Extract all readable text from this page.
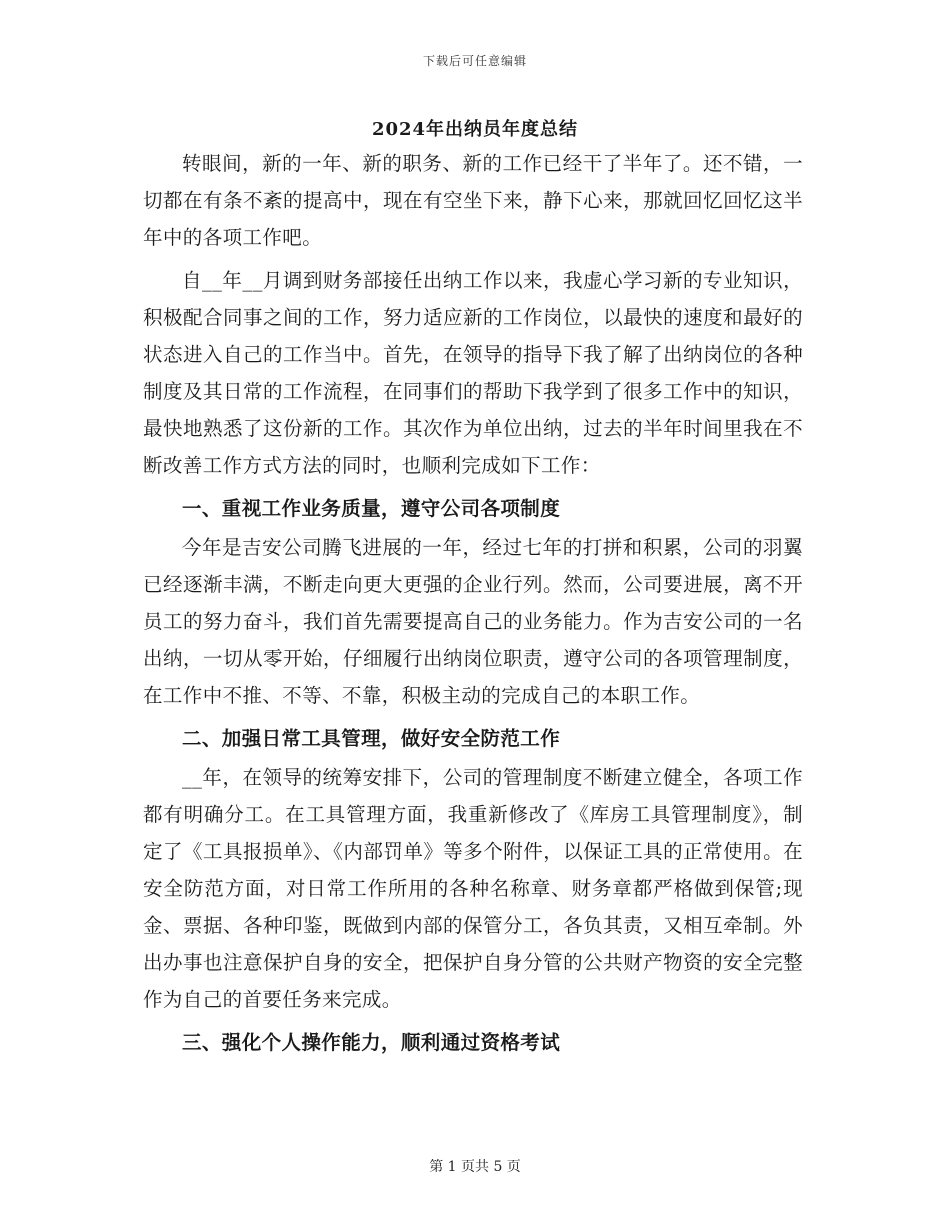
下载后可任意编辑
2024年出纳员年度总结

转眼间，新的一年、新的职务、新的工作已经干了半年了。还不错，一切都在有条不紊的提高中，现在有空坐下来，静下心来，那就回忆回忆这半年中的各项工作吧。

自__年__月调到财务部接任出纳工作以来，我虚心学习新的专业知识，积极配合同事之间的工作，努力适应新的工作岗位，以最快的速度和最好的状态进入自己的工作当中。首先，在领导的指导下我了解了出纳岗位的各种制度及其日常的工作流程，在同事们的帮助下我学到了很多工作中的知识，最快地熟悉了这份新的工作。其次作为单位出纳，过去的半年时间里我在不断改善工作方式方法的同时，也顺利完成如下工作：

一、重视工作业务质量，遵守公司各项制度

今年是吉安公司腾飞进展的一年，经过七年的打拼和积累，公司的羽翼已经逐渐丰满，不断走向更大更强的企业行列。然而，公司要进展，离不开员工的努力奋斗，我们首先需要提高自己的业务能力。作为吉安公司的一名出纳，一切从零开始，仔细履行出纳岗位职责，遵守公司的各项管理制度，在工作中不推、不等、不靠，积极主动的完成自己的本职工作。

二、加强日常工具管理，做好安全防范工作

__年，在领导的统筹安排下，公司的管理制度不断建立健全，各项工作都有明确分工。在工具管理方面，我重新修改了《库房工具管理制度》，制定了《工具报损单》、《内部罚单》等多个附件，以保证工具的正常使用。在安全防范方面，对日常工作所用的各种名称章、财务章都严格做到保管;现金、票据、各种印鉴，既做到内部的保管分工，各负其责，又相互牵制。外出办事也注意保护自身的安全，把保护自身分管的公共财产物资的安全完整作为自己的首要任务来完成。

三、强化个人操作能力，顺利通过资格考试

第 1 页共 5 页
